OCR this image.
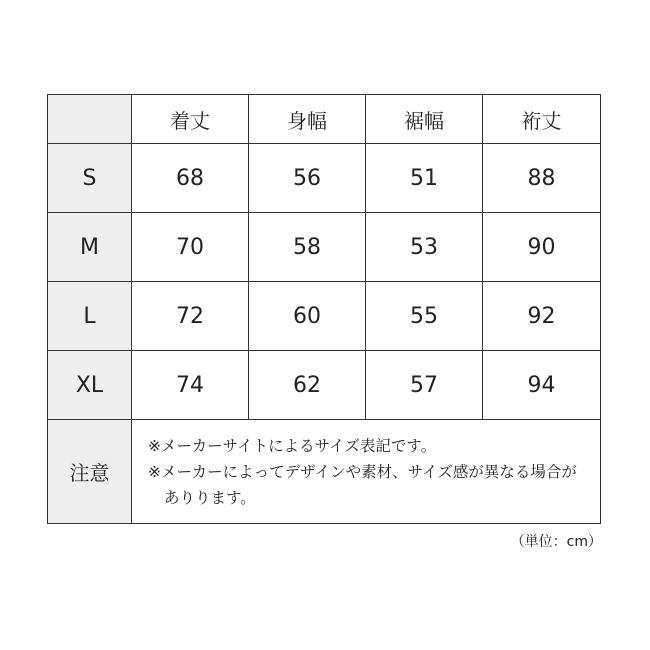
	着丈	身幅	裾幅	裄丈
S	68	56	51	88
M	70	58	53	90
L	72	60	55	92
XL	74	62	57	94
注意	※メーカーサイトによるサイズ表記です。
※メーカーによってデザインや素材、サイズ感が異なる場合が
ありります。			
（単位：cm）
